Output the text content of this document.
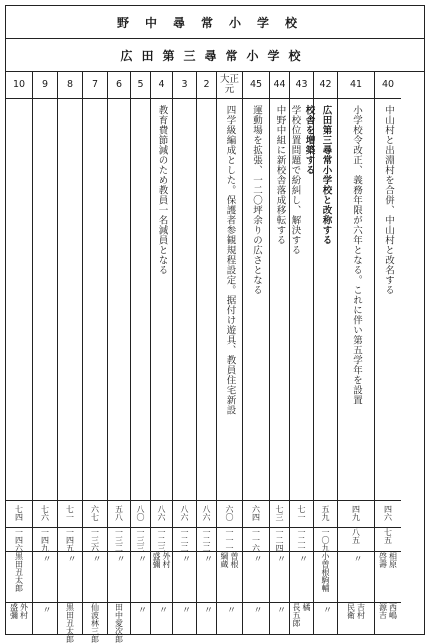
野中尋常小学校
広田第三尋常小学校
10
七四
一四六
黒田丑太郎
外村
盛彌
9
七六
一四九
〃
〃
8
七一
一四五
〃
黒田丑太郎
7
六七
一三六
〃
仙波林三郎
6
五八
一三二
〃
田中愛次郎
5
八〇
一三三
〃
〃
4
教育費節減のため教員一名減員となる
八六
一二三
外村
盛彌
〃
3
八六
一二二
〃
〃
2
八六
一二二
〃
〃
大正元
四学級編成とした。保護者参観規程設定。据付け遊具、教員住宅新設
六〇
一一一
曽根
綱蔵
〃
45
運動場を拡張、一二〇坪余りの広さとなる
六四
一一六
〃
〃
44
中野中組に新校舎落成移転する
七三
一二四
〃
〃
43
校舎を増築する
学校位置問題で紛糾し、解決する
七一
一二一
〃
橘
長五郎
42
広田第三尋常小学校と改称する
五九
一〇九
小曽根駒輔
〃
41
小学校令改正、義務年限が六年となる。これに伴い第五学年を設置
四九
八五
〃
吉村
民衛
40
中山村と出淵村を合併、中山村と改名する
四六
七五
相原
啓壽
西嶋
源吉
